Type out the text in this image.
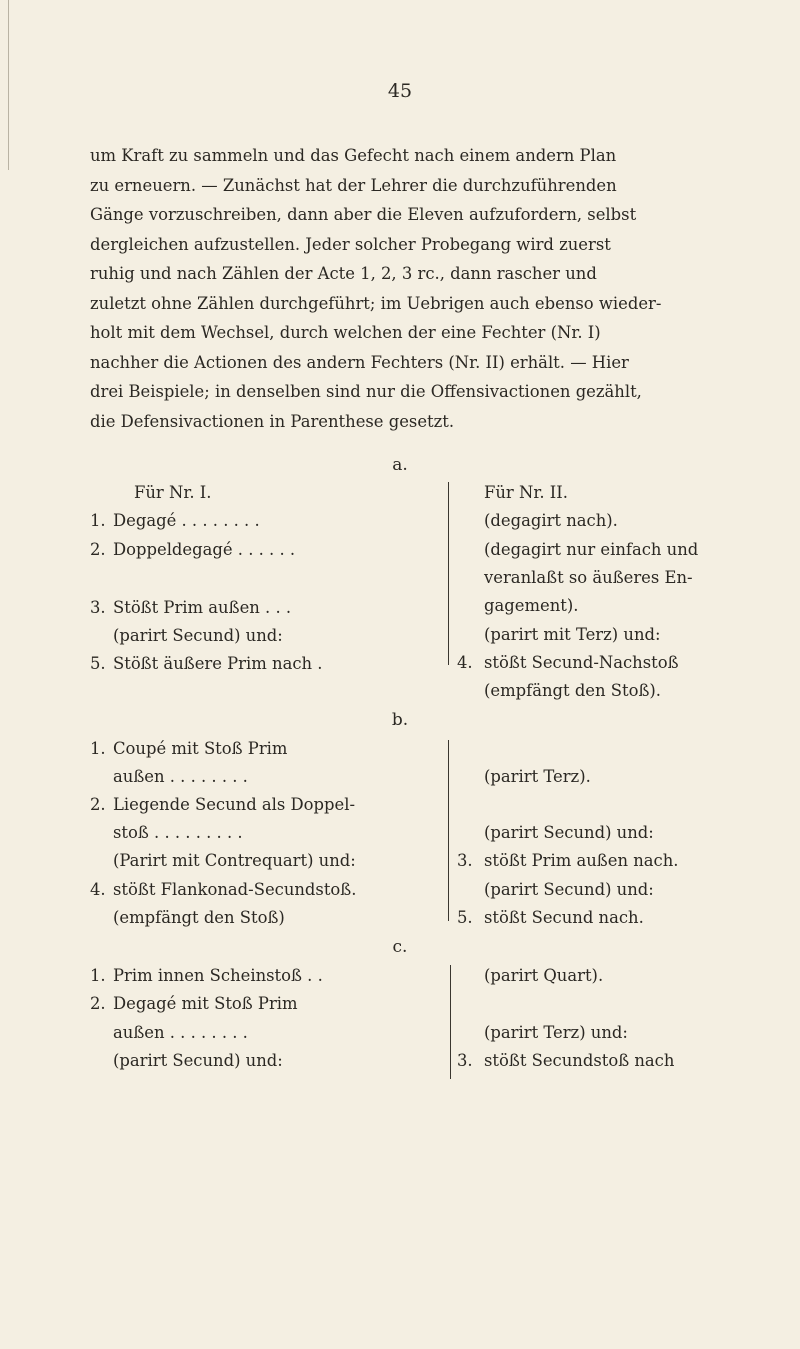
45
um Kraft zu sammeln und das Gefecht nach einem andern Plan
zu erneuern. — Zunächst hat der Lehrer die durchzuführenden
Gänge vorzuschreiben, dann aber die Eleven aufzufordern, selbst
dergleichen aufzustellen. Jeder solcher Probegang wird zuerst
ruhig und nach Zählen der Acte 1, 2, 3 rc., dann rascher und
zuletzt ohne Zählen durchgeführt; im Uebrigen auch ebenso wieder-
holt mit dem Wechsel, durch welchen der eine Fechter (Nr. I)
nachher die Actionen des andern Fechters (Nr. II) erhält. — Hier
drei Beispiele; in denselben sind nur die Offensivactionen gezählt,
die Defensivactionen in Parenthese gesetzt.
a.
Für Nr. I.	Für Nr. II.
1. Degagé . . . . . . . .
2. Doppeldegagé . . . . . .
3. Stößt Prim außen . . .
(parirt Secund) und:
5. Stößt äußere Prim nach .
(degagirt nach).
(degagirt nur einfach und
veranlaßt so äußeres En-
gagement).
(parirt mit Terz) und:
4. stößt Secund-Nachstoß
(empfängt den Stoß).
b.
1. Coupé mit Stoß Prim
außen . . . . . . . .
2. Liegende Secund als Doppel-
stoß . . . . . . . . .
(Parirt mit Contrequart) und:
4. stößt Flankonad-Secundstoß.
(empfängt den Stoß)
(parirt Terz).
(parirt Secund) und:
3. stößt Prim außen nach.
(parirt Secund) und:
5. stößt Secund nach.
c.
1. Prim innen Scheinstoß . .
2. Degagé mit Stoß Prim
außen . . . . . . . .
(parirt Secund) und:
(parirt Quart).
(parirt Terz) und:
3. stößt Secundstoß nach
